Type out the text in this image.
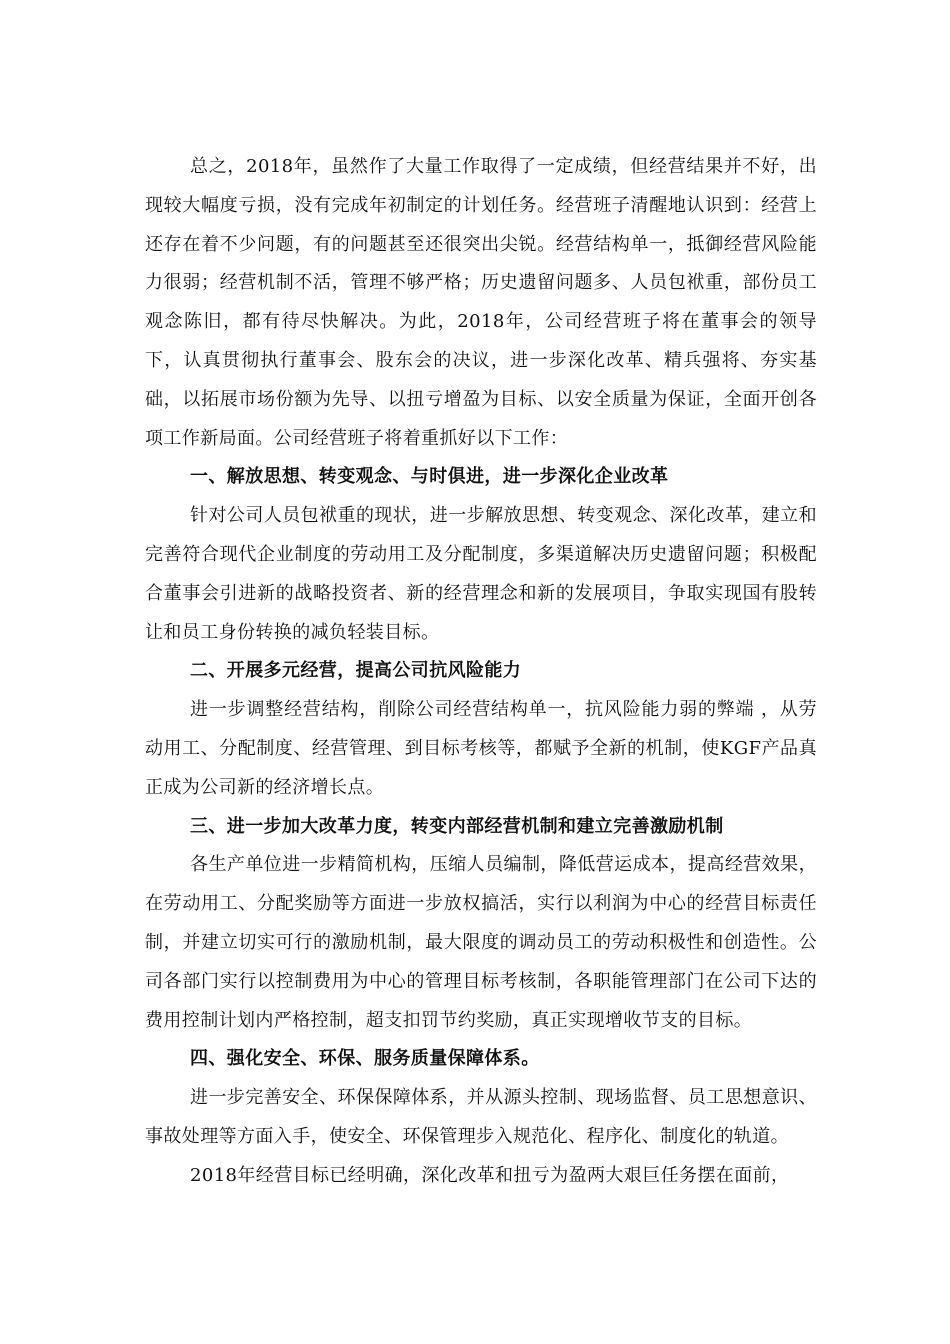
总之，2018年，虽然作了大量工作取得了一定成绩，但经营结果并不好，出现较大幅度亏损，没有完成年初制定的计划任务。经营班子清醒地认识到：经营上还存在着不少问题，有的问题甚至还很突出尖锐。经营结构单一，抵御经营风险能力很弱；经营机制不活，管理不够严格；历史遗留问题多、人员包袱重，部份员工观念陈旧，都有待尽快解决。为此，2018年，公司经营班子将在董事会的领导下，认真贯彻执行董事会、股东会的决议，进一步深化改革、精兵强将、夯实基础，以拓展市场份额为先导、以扭亏增盈为目标、以安全质量为保证，全面开创各项工作新局面。公司经营班子将着重抓好以下工作：

一、解放思想、转变观念、与时俱进，进一步深化企业改革

针对公司人员包袱重的现状，进一步解放思想、转变观念、深化改革，建立和完善符合现代企业制度的劳动用工及分配制度，多渠道解决历史遗留问题；积极配合董事会引进新的战略投资者、新的经营理念和新的发展项目，争取实现国有股转让和员工身份转换的减负轻装目标。

二、开展多元经营，提高公司抗风险能力

进一步调整经营结构，削除公司经营结构单一，抗风险能力弱的弊端 ，从劳动用工、分配制度、经营管理、到目标考核等，都赋予全新的机制，使KGF产品真正成为公司新的经济增长点。

三、进一步加大改革力度，转变内部经营机制和建立完善激励机制

各生产单位进一步精简机构，压缩人员编制，降低营运成本，提高经营效果，在劳动用工、分配奖励等方面进一步放权搞活，实行以利润为中心的经营目标责任制，并建立切实可行的激励机制，最大限度的调动员工的劳动积极性和创造性。公司各部门实行以控制费用为中心的管理目标考核制，各职能管理部门在公司下达的费用控制计划内严格控制，超支扣罚节约奖励，真正实现增收节支的目标。

四、强化安全、环保、服务质量保障体系。

进一步完善安全、环保保障体系，并从源头控制、现场监督、员工思想意识、事故处理等方面入手，使安全、环保管理步入规范化、程序化、制度化的轨道。

2018年经营目标已经明确，深化改革和扭亏为盈两大艰巨任务摆在面前，
